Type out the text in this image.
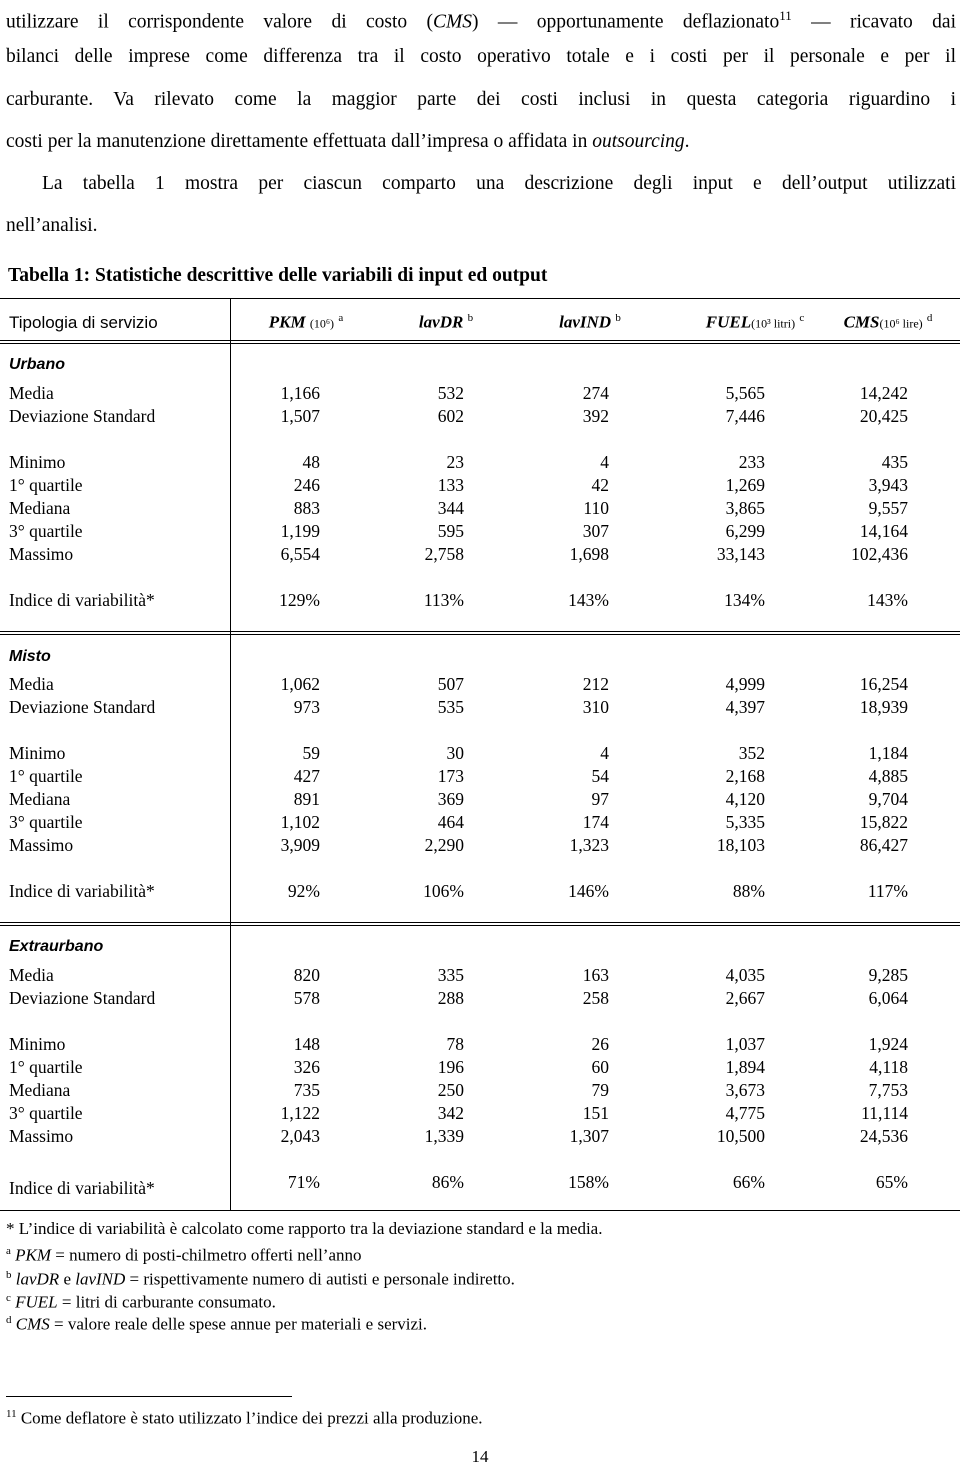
utilizzare il corrispondente valore di costo (CMS) — opportunamente deflazionato$^{11}$ — ricavato dai
bilanci delle imprese come differenza tra il costo operativo totale e i costi per il personale e per il
carburante. Va rilevato come la maggior parte dei costi inclusi in questa categoria riguardino i
costi per la manutenzione direttamente effettuata dall’impresa o affidata in outsourcing.
La tabella 1 mostra per ciascun comparto una descrizione degli input e dell’output utilizzati
nell’analisi.
Tabella 1: Statistiche descrittive delle variabili di input ed output
Tipologia di servizio	PKM (10⁶) $^a$	lavDR $^b$	lavIND $^b$	FUEL(10³ litri) $^c$	CMS(10⁶ lire) $^d$
Urbano
Media	1,166	532	274	5,565	14,242
Deviazione Standard	1,507	602	392	7,446	20,425
Minimo	48	23	4	233	435
1° quartile	246	133	42	1,269	3,943
Mediana	883	344	110	3,865	9,557
3° quartile	1,199	595	307	6,299	14,164
Massimo	6,554	2,758	1,698	33,143	102,436
Indice di variabilità*	129%	113%	143%	134%	143%
Misto
Media	1,062	507	212	4,999	16,254
Deviazione Standard	973	535	310	4,397	18,939
Minimo	59	30	4	352	1,184
1° quartile	427	173	54	2,168	4,885
Mediana	891	369	97	4,120	9,704
3° quartile	1,102	464	174	5,335	15,822
Massimo	3,909	2,290	1,323	18,103	86,427
Indice di variabilità*	92%	106%	146%	88%	117%
Extraurbano
Media	820	335	163	4,035	9,285
Deviazione Standard	578	288	258	2,667	6,064
Minimo	148	78	26	1,037	1,924
1° quartile	326	196	60	1,894	4,118
Mediana	735	250	79	3,673	7,753
3° quartile	1,122	342	151	4,775	11,114
Massimo	2,043	1,339	1,307	10,500	24,536
Indice di variabilità*	71%	86%	158%	66%	65%
* L’indice di variabilità è calcolato come rapporto tra la deviazione standard e la media.
$^a$ PKM = numero di posti-chilmetro offerti nell’anno
$^b$ lavDR e lavIND = rispettivamente numero di autisti e personale indiretto.
$^c$ FUEL = litri di carburante consumato.
$^d$ CMS = valore reale delle spese annue per materiali e servizi.
$^{11}$ Come deflatore è stato utilizzato l’indice dei prezzi alla produzione.
14
